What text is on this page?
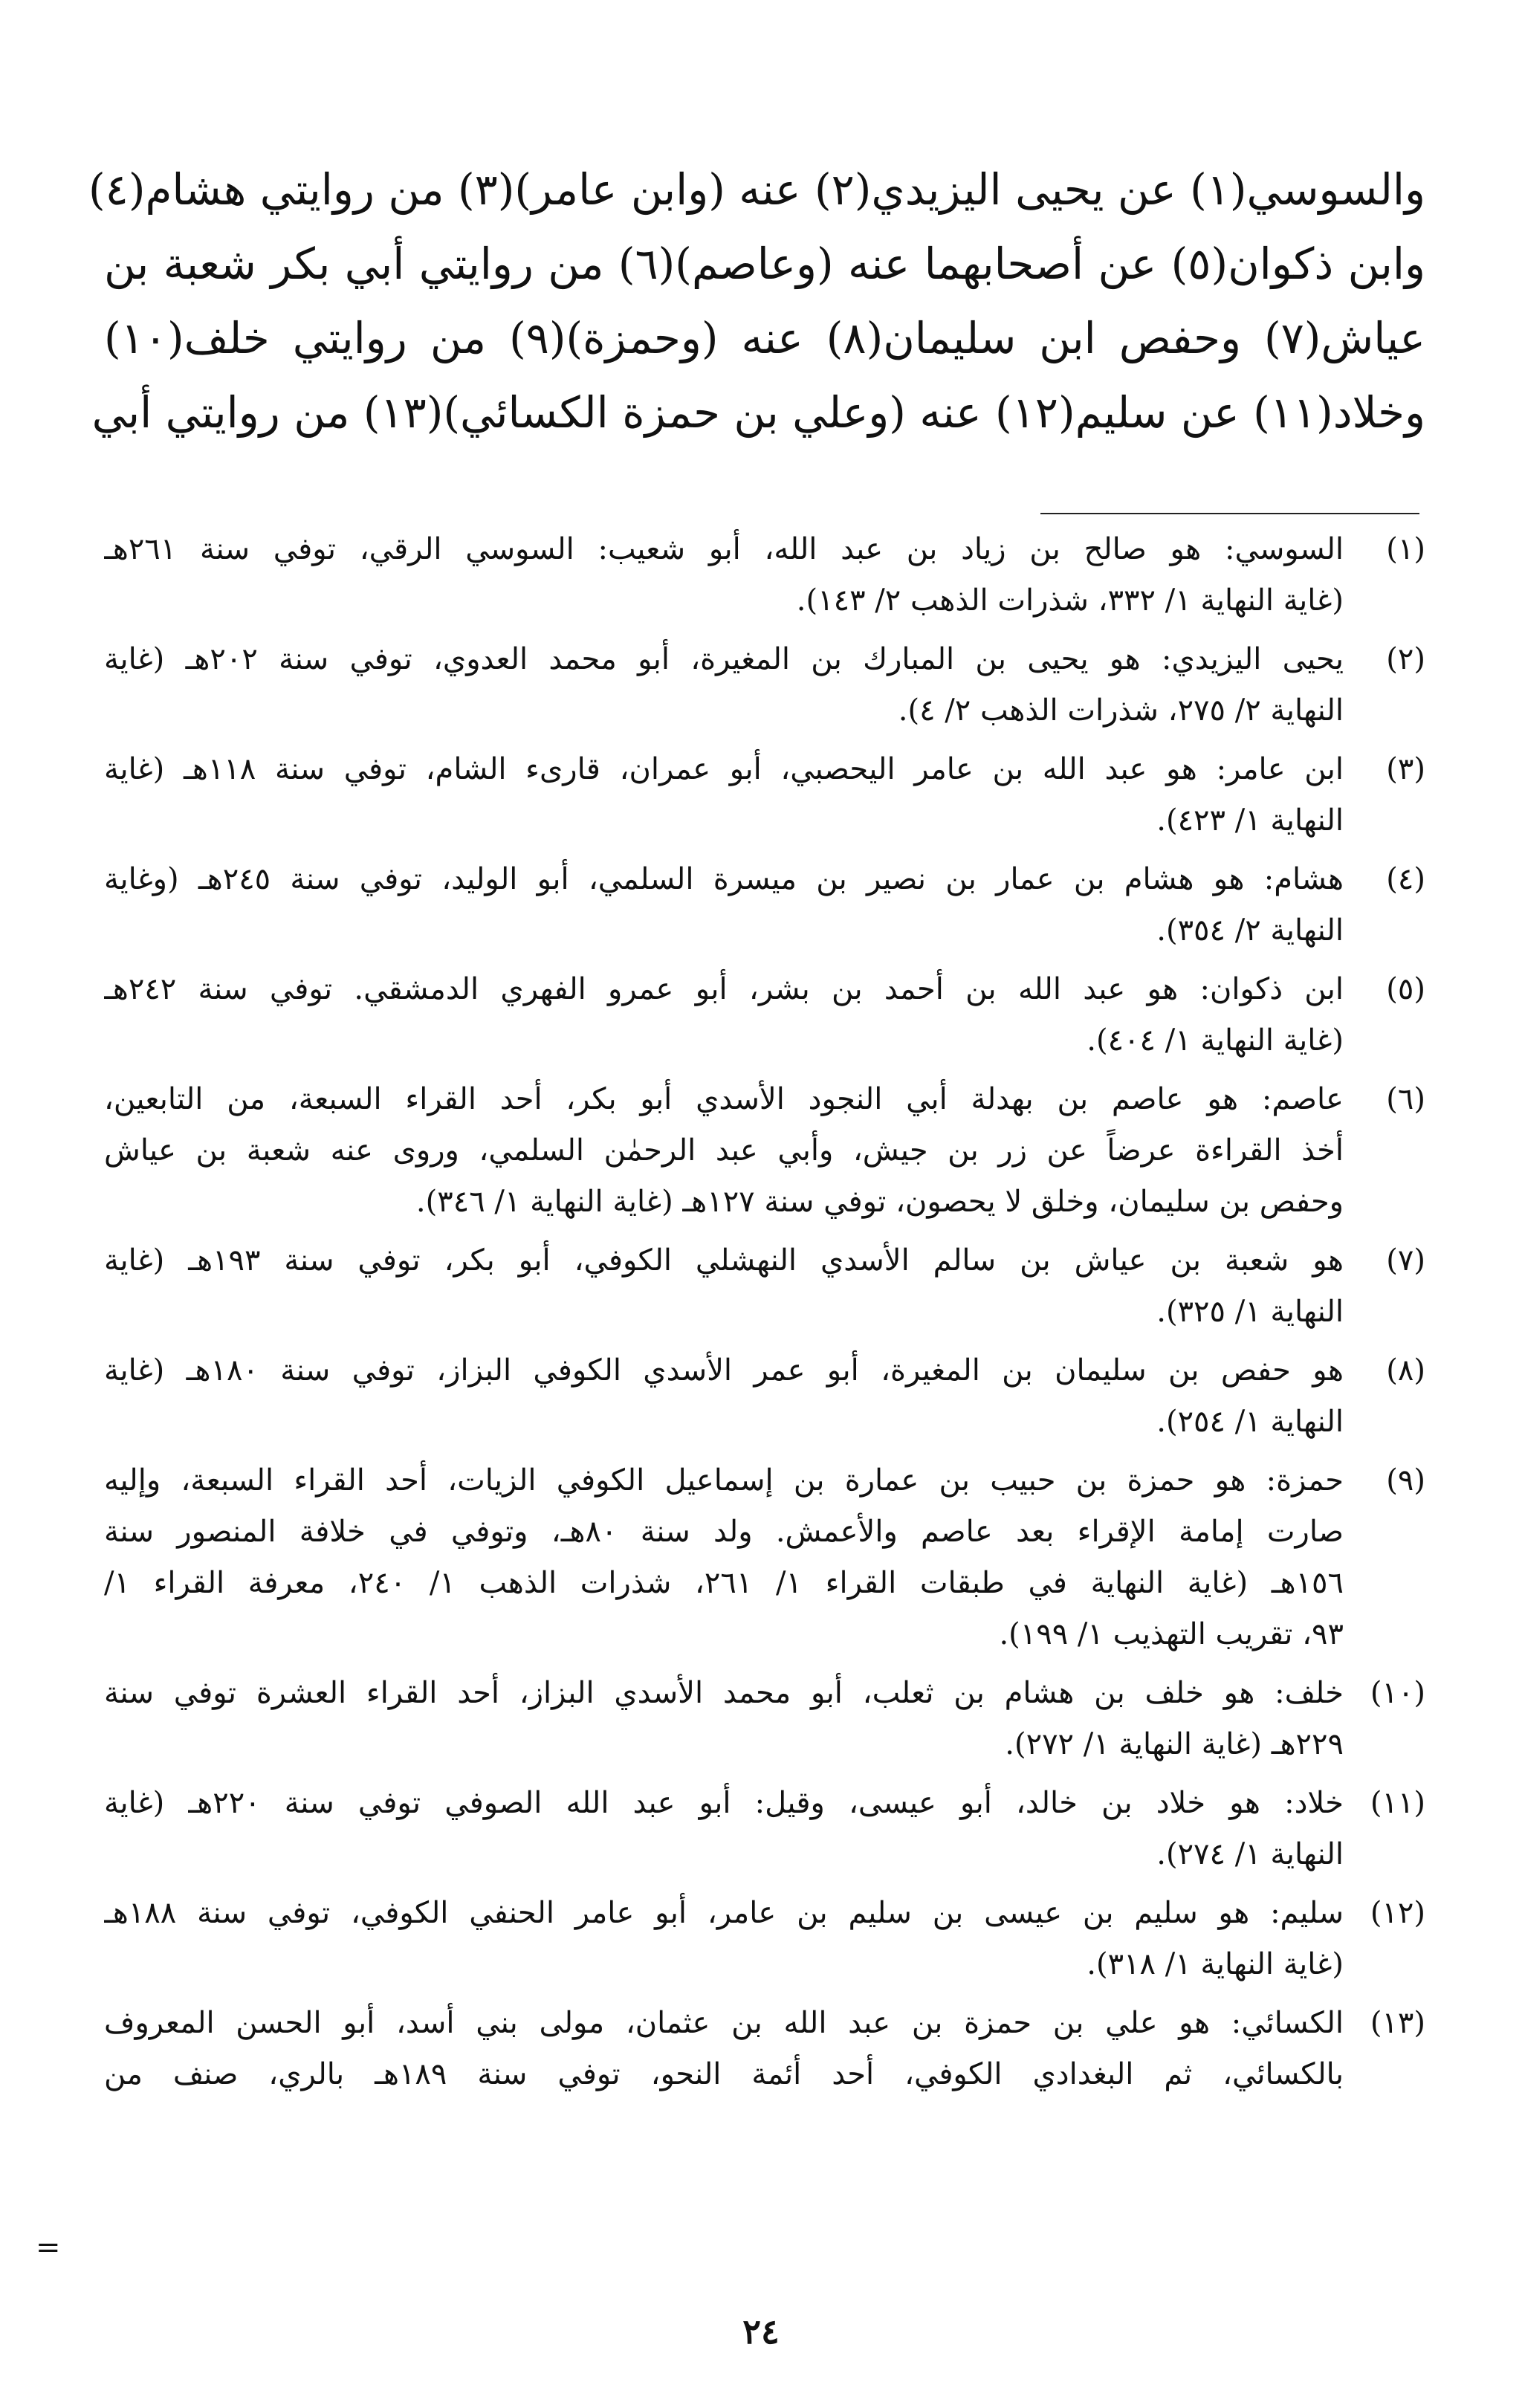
والسوسي(١) عن يحيى اليزيدي(٢) عنه (وابن عامر)(٣) من روايتي هشام(٤)
وابن ذكوان(٥) عن أصحابهما عنه (وعاصم)(٦) من روايتي أبي بكر شعبة بن
عياش(٧) وحفص ابن سليمان(٨) عنه (وحمزة)(٩) من روايتي خلف(١٠)
وخلاد(١١) عن سليم(١٢) عنه (وعلي بن حمزة الكسائي)(١٣) من روايتي أبي
(١)
السوسي: هو صالح بن زياد بن عبد الله، أبو شعيب: السوسي الرقي، توفي سنة ٢٦١هـ
(غاية النهاية ١/ ٣٣٢، شذرات الذهب ٢/ ١٤٣).
(٢)
يحيى اليزيدي: هو يحيى بن المبارك بن المغيرة، أبو محمد العدوي، توفي سنة ٢٠٢هـ (غاية
النهاية ٢/ ٢٧٥، شذرات الذهب ٢/ ٤).
(٣)
ابن عامر: هو عبد الله بن عامر اليحصبي، أبو عمران، قارىء الشام، توفي سنة ١١٨هـ (غاية
النهاية ١/ ٤٢٣).
(٤)
هشام: هو هشام بن عمار بن نصير بن ميسرة السلمي، أبو الوليد، توفي سنة ٢٤٥هـ (وغاية
النهاية ٢/ ٣٥٤).
(٥)
ابن ذكوان: هو عبد الله بن أحمد بن بشر، أبو عمرو الفهري الدمشقي. توفي سنة ٢٤٢هـ
(غاية النهاية ١/ ٤٠٤).
(٦)
عاصم: هو عاصم بن بهدلة أبي النجود الأسدي أبو بكر، أحد القراء السبعة، من التابعين،
أخذ القراءة عرضاً عن زر بن جيش، وأبي عبد الرحمٰن السلمي، وروى عنه شعبة بن عياش
وحفص بن سليمان، وخلق لا يحصون، توفي سنة ١٢٧هـ (غاية النهاية ١/ ٣٤٦).
(٧)
هو شعبة بن عياش بن سالم الأسدي النهشلي الكوفي، أبو بكر، توفي سنة ١٩٣هـ (غاية
النهاية ١/ ٣٢٥).
(٨)
هو حفص بن سليمان بن المغيرة، أبو عمر الأسدي الكوفي البزاز، توفي سنة ١٨٠هـ (غاية
النهاية ١/ ٢٥٤).
(٩)
حمزة: هو حمزة بن حبيب بن عمارة بن إسماعيل الكوفي الزيات، أحد القراء السبعة، وإليه
صارت إمامة الإقراء بعد عاصم والأعمش. ولد سنة ٨٠هـ، وتوفي في خلافة المنصور سنة
١٥٦هـ (غاية النهاية في طبقات القراء ١/ ٢٦١، شذرات الذهب ١/ ٢٤٠، معرفة القراء ١/
٩٣، تقريب التهذيب ١/ ١٩٩).
(١٠)
خلف: هو خلف بن هشام بن ثعلب، أبو محمد الأسدي البزاز، أحد القراء العشرة توفي سنة
٢٢٩هـ (غاية النهاية ١/ ٢٧٢).
(١١)
خلاد: هو خلاد بن خالد، أبو عيسى، وقيل: أبو عبد الله الصوفي توفي سنة ٢٢٠هـ (غاية
النهاية ١/ ٢٧٤).
(١٢)
سليم: هو سليم بن عيسى بن سليم بن عامر، أبو عامر الحنفي الكوفي، توفي سنة ١٨٨هـ
(غاية النهاية ١/ ٣١٨).
(١٣)
الكسائي: هو علي بن حمزة بن عبد الله بن عثمان، مولى بني أسد، أبو الحسن المعروف
بالكسائي، ثم البغدادي الكوفي، أحد أئمة النحو، توفي سنة ١٨٩هـ بالري، صنف من
=
٢٤
